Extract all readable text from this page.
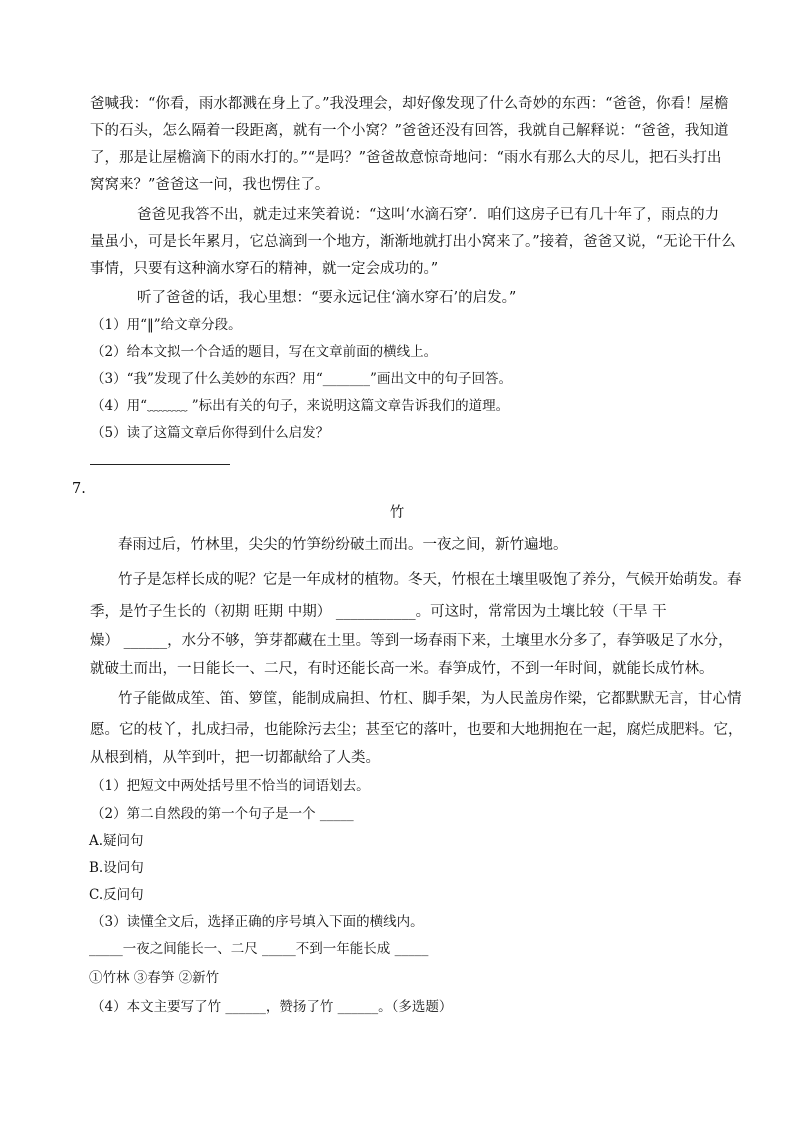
爸喊我：“你看，雨水都溅在身上了。”我没理会，却好像发现了什么奇妙的东西：“爸爸，你看！屋檐
下的石头，怎么隔着一段距离，就有一个小窝？”爸爸还没有回答，我就自己解释说：“爸爸，我知道
了，那是让屋檐滴下的雨水打的。”“是吗？”爸爸故意惊奇地问：“雨水有那么大的尽儿，把石头打出
窝窝来？”爸爸这一问，我也愣住了。
爸爸见我答不出，就走过来笑着说：“这叫‘水滴石穿’．咱们这房子已有几十年了，雨点的力
量虽小，可是长年累月，它总滴到一个地方，渐渐地就打出小窝来了。”接着，爸爸又说，“无论干什么
事情，只要有这种滴水穿石的精神，就一定会成功的。”
听了爸爸的话，我心里想：“要永远记住‘滴水穿石’的启发。”
（1）用“‖”给文章分段。
（2）给本文拟一个合适的题目，写在文章前面的横线上。
（3）“我”发现了什么美妙的东西？用“_______”画出文中的句子回答。
（4）用“﹏﹏﹏ ”标出有关的句子，来说明这篇文章告诉我们的道理。
（5）读了这篇文章后你得到什么启发？
7.
竹
春雨过后，竹林里，尖尖的竹笋纷纷破土而出。一夜之间，新竹遍地。
竹子是怎样长成的呢？它是一年成材的植物。冬天，竹根在土壤里吸饱了养分，气候开始萌发。春
季，是竹子生长的（初期 旺期 中期） ___________。可这时，常常因为土壤比较（干旱 干
燥） ______，水分不够，笋芽都藏在土里。等到一场春雨下来，土壤里水分多了，春笋吸足了水分，
就破土而出，一日能长一、二尺，有时还能长高一米。春笋成竹，不到一年时间，就能长成竹林。
竹子能做成笙、笛、箩筐，能制成扁担、竹杠、脚手架，为人民盖房作梁，它都默默无言，甘心情
愿。它的枝丫，扎成扫帚，也能除污去尘；甚至它的落叶，也要和大地拥抱在一起，腐烂成肥料。它，
从根到梢，从竿到叶，把一切都献给了人类。
（1）把短文中两处括号里不恰当的词语划去。
（2）第二自然段的第一个句子是一个 _____
A.疑问句
B.设问句
C.反问句
（3）读懂全文后，选择正确的序号填入下面的横线内。
_____一夜之间能长一、二尺 _____不到一年能长成 _____
①竹林 ③春笋 ②新竹
（4）本文主要写了竹 ______，赞扬了竹 ______。（多选题）
